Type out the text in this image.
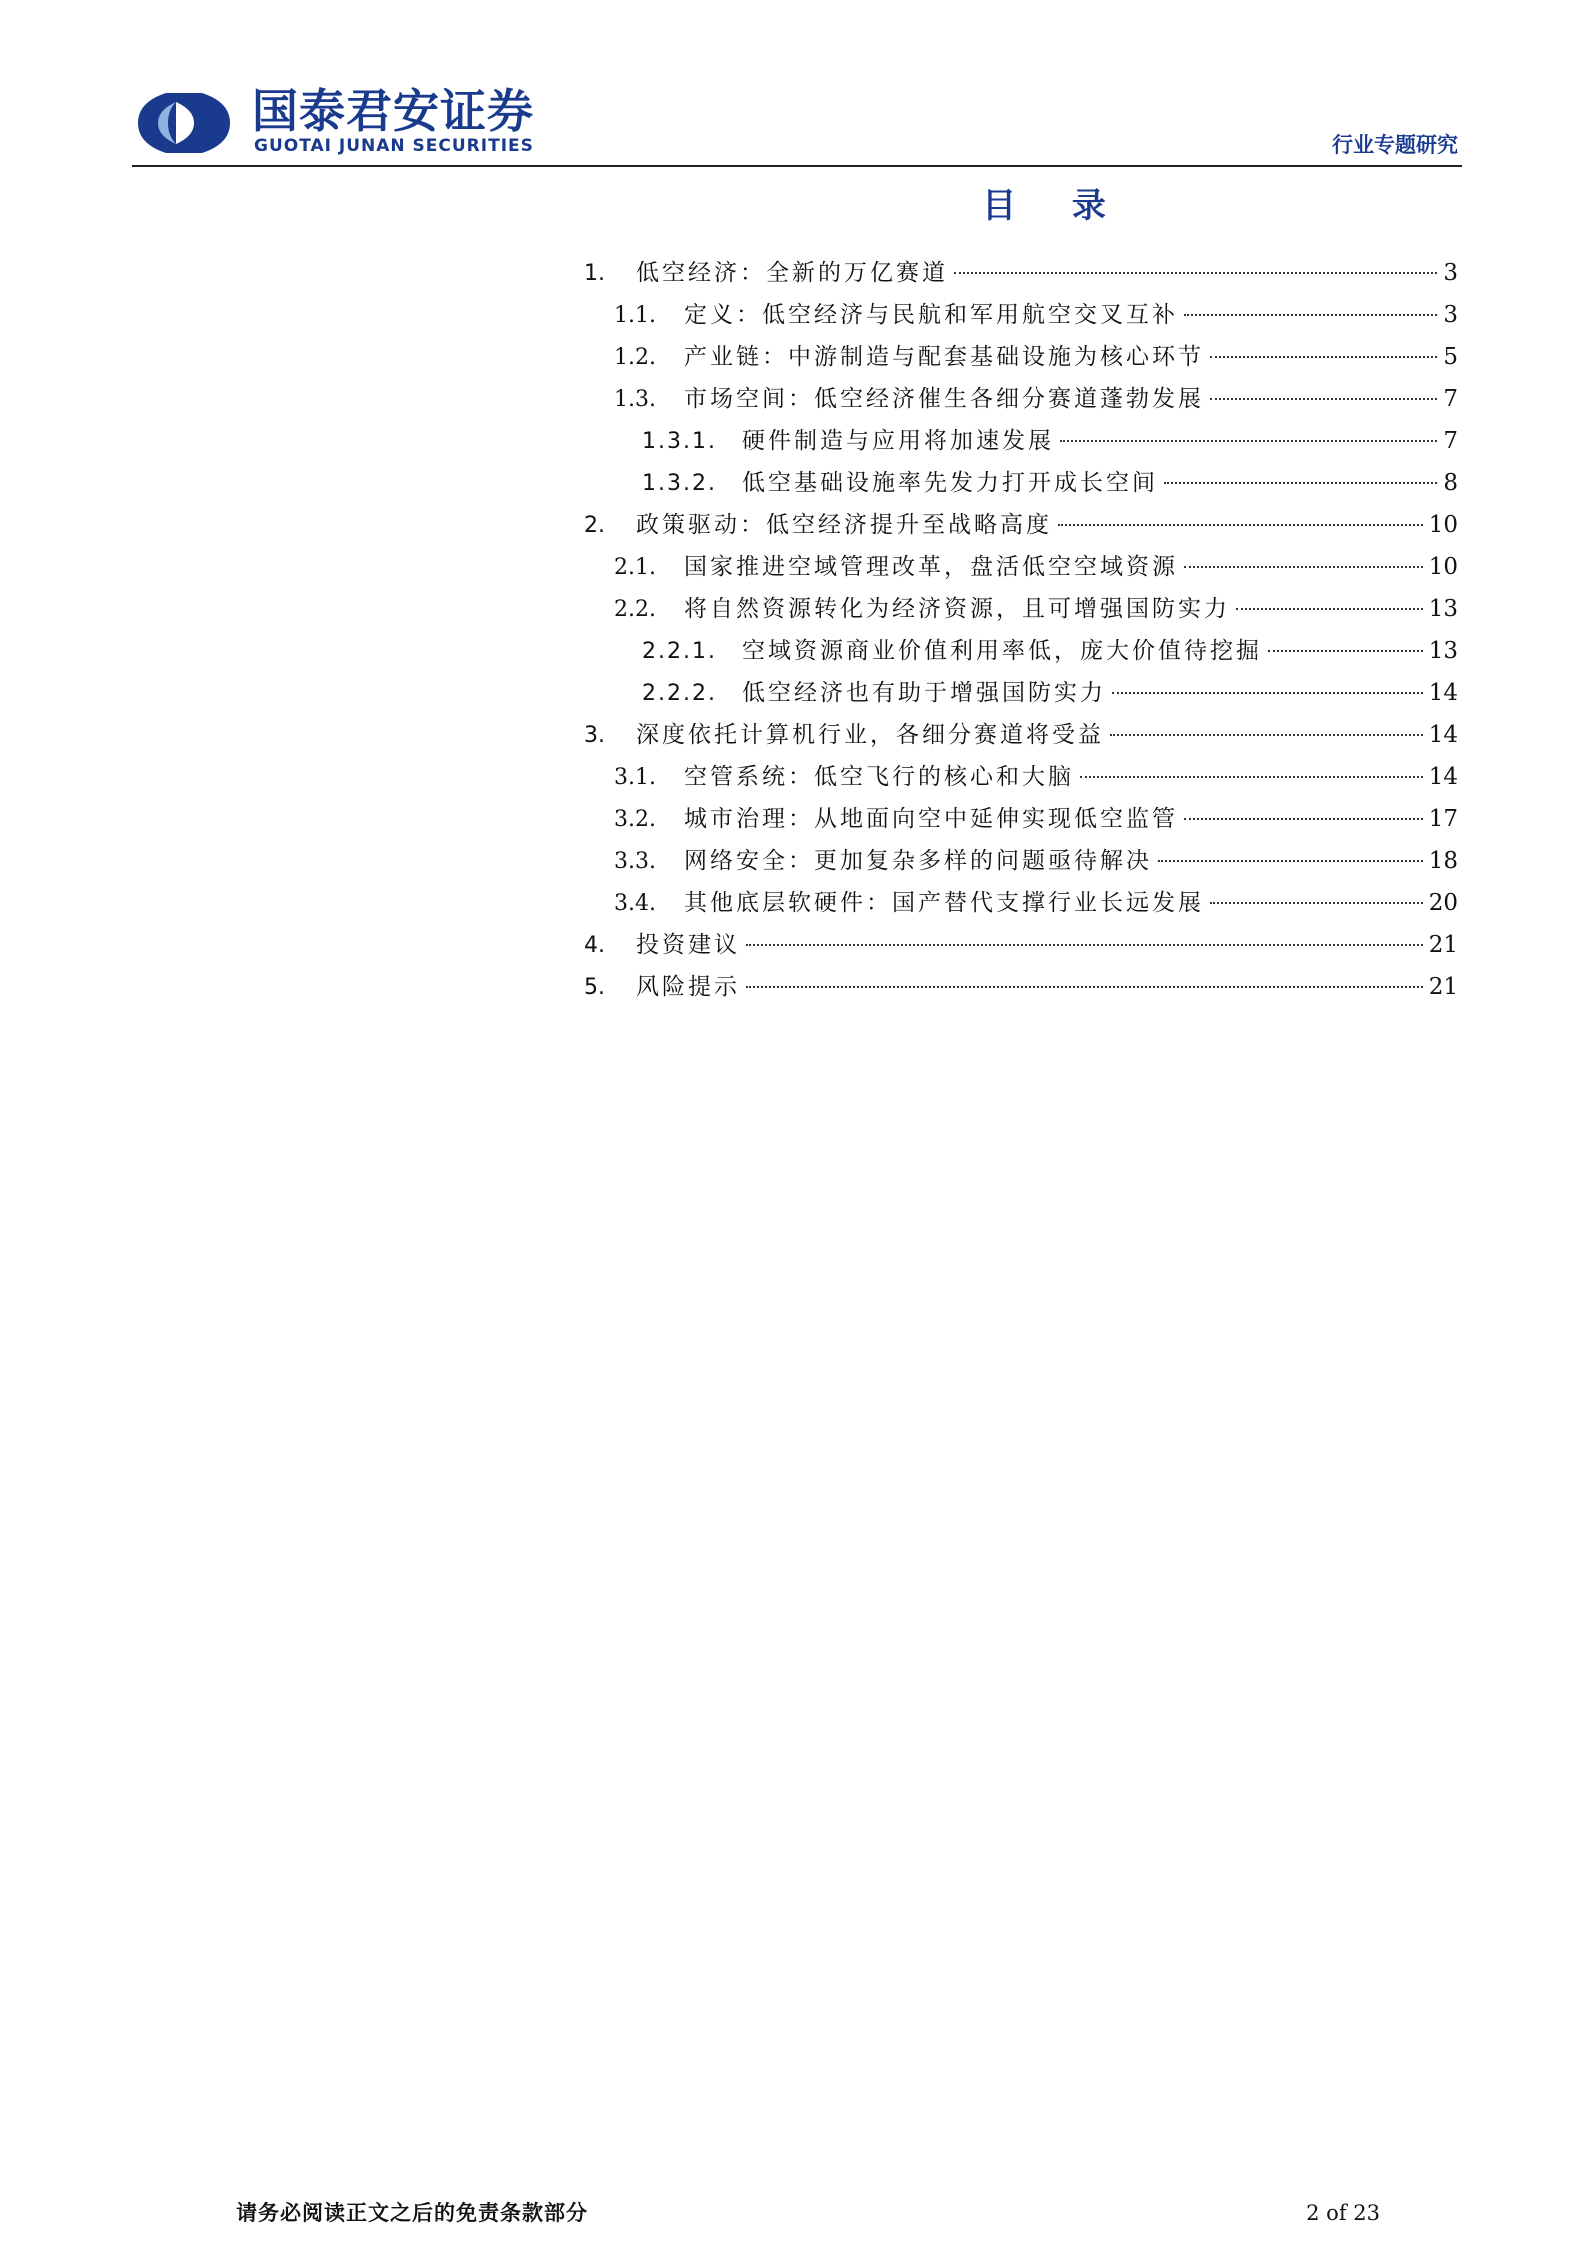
国泰君安证券
GUOTAI JUNAN SECURITIES	行业专题研究
目 录
1.	低空经济：全新的万亿赛道	3
1.1.	定义：低空经济与民航和军用航空交叉互补	3
1.2.	产业链：中游制造与配套基础设施为核心环节	5
1.3.	市场空间：低空经济催生各细分赛道蓬勃发展	7
1.3.1.	硬件制造与应用将加速发展	7
1.3.2.	低空基础设施率先发力打开成长空间	8
2.	政策驱动：低空经济提升至战略高度	10
2.1.	国家推进空域管理改革，盘活低空空域资源	10
2.2.	将自然资源转化为经济资源，且可增强国防实力	13
2.2.1.	空域资源商业价值利用率低，庞大价值待挖掘	13
2.2.2.	低空经济也有助于增强国防实力	14
3.	深度依托计算机行业，各细分赛道将受益	14
3.1.	空管系统：低空飞行的核心和大脑	14
3.2.	城市治理：从地面向空中延伸实现低空监管	17
3.3.	网络安全：更加复杂多样的问题亟待解决	18
3.4.	其他底层软硬件：国产替代支撑行业长远发展	20
4.	投资建议	21
5.	风险提示	21
请务必阅读正文之后的免责条款部分	2 of 23
